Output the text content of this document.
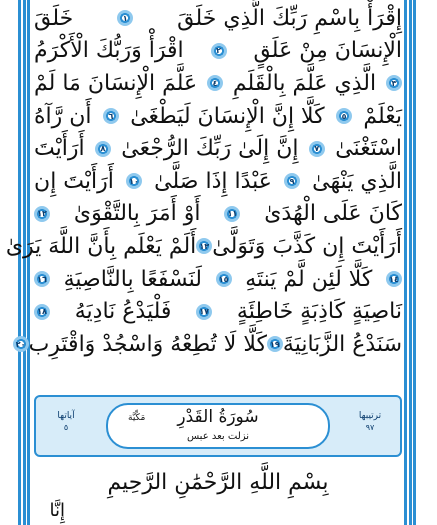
إِقْرَأْ بِاسْمِ رَبِّكَ الَّذِي خَلَقَ
١
خَلَقَ
الْإِنسَانَ مِنْ عَلَقٍ
٢
اقْرَأْ وَرَبُّكَ الْأَكْرَمُ
٣
الَّذِي عَلَّمَ بِالْقَلَمِ
٤
عَلَّمَ الْإِنسَانَ مَا لَمْ
يَعْلَمْ
٥
كَلَّا إِنَّ الْإِنسَانَ لَيَطْغَىٰ
٦
أَن رَّآهُ
اسْتَغْنَىٰ
٧
إِنَّ إِلَىٰ رَبِّكَ الرُّجْعَىٰ
٨
أَرَأَيْتَ
الَّذِي يَنْهَىٰ
٩
عَبْدًا إِذَا صَلَّىٰ
١٠
أَرَأَيْتَ إِن
كَانَ عَلَى الْهُدَىٰ
١١
أَوْ أَمَرَ بِالتَّقْوَىٰ
١٢
أَرَأَيْتَ إِن كَذَّبَ وَتَوَلَّىٰ
١٣
أَلَمْ يَعْلَم بِأَنَّ اللَّهَ يَرَىٰ
١٤
كَلَّا لَئِن لَّمْ يَنتَهِ
١٥
لَنَسْفَعًا بِالنَّاصِيَةِ
١٦
نَاصِيَةٍ كَاذِبَةٍ خَاطِئَةٍ
١٧
فَلْيَدْعُ نَادِيَهُ
١٨
سَنَدْعُ الزَّبَانِيَةَ
١٩
كَلَّا لَا تُطِعْهُ وَاسْجُدْ وَاقْتَرِب
٢٠
ترتيبها
٩٧
سُورَةُ القَدْرِ
مَكِّيَّة
نزلت بعد عبس
آياتها
٥
بِسْمِ اللَّهِ الرَّحْمَٰنِ الرَّحِيمِ
إِنَّا
